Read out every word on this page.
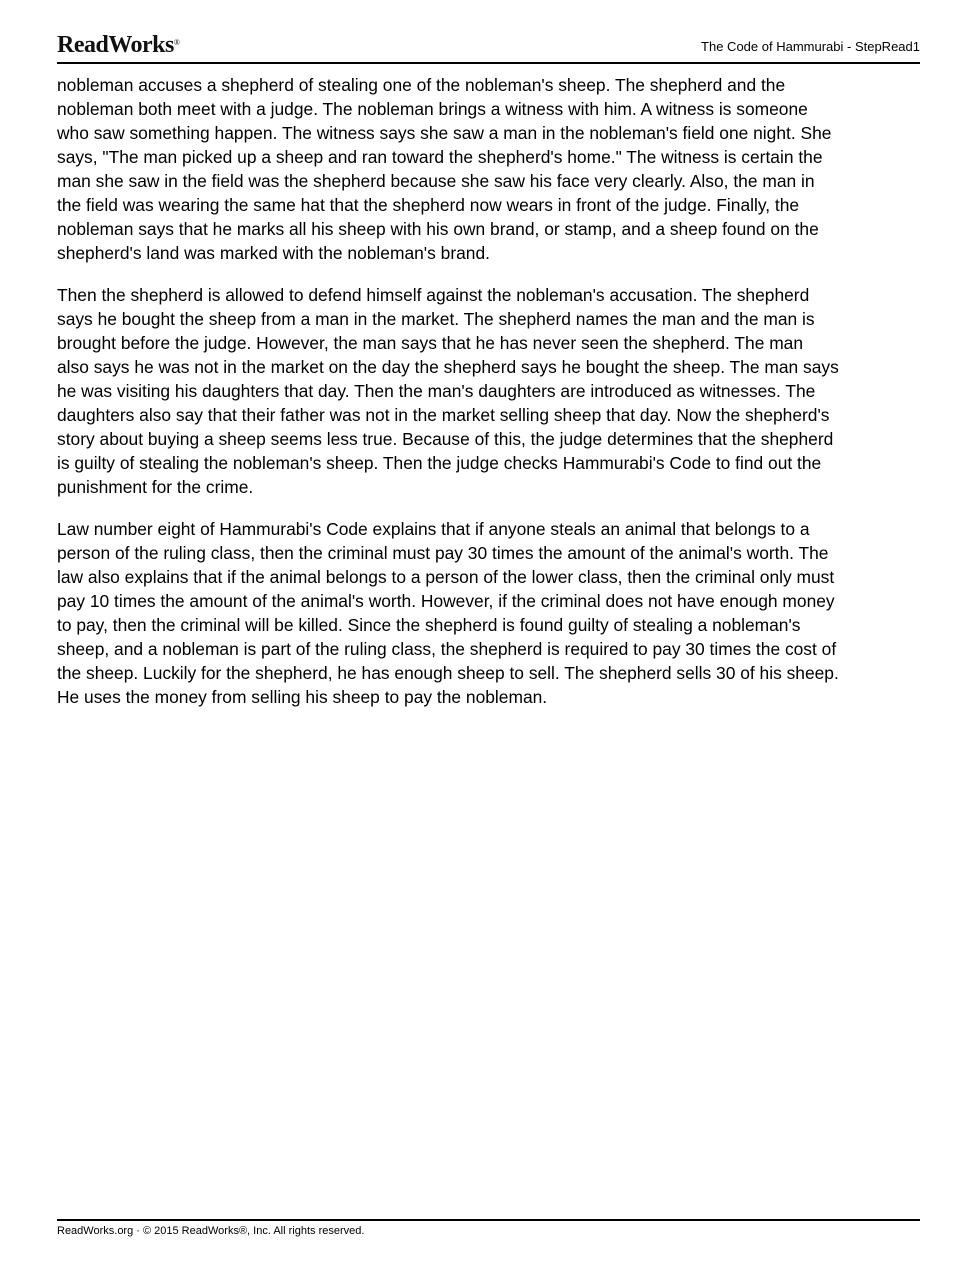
ReadWorks®	The Code of Hammurabi - StepRead1

nobleman accuses a shepherd of stealing one of the nobleman's sheep. The shepherd and the
nobleman both meet with a judge. The nobleman brings a witness with him. A witness is someone
who saw something happen. The witness says she saw a man in the nobleman's field one night. She
says, "The man picked up a sheep and ran toward the shepherd's home." The witness is certain the
man she saw in the field was the shepherd because she saw his face very clearly. Also, the man in
the field was wearing the same hat that the shepherd now wears in front of the judge. Finally, the
nobleman says that he marks all his sheep with his own brand, or stamp, and a sheep found on the
shepherd's land was marked with the nobleman's brand.

Then the shepherd is allowed to defend himself against the nobleman's accusation. The shepherd
says he bought the sheep from a man in the market. The shepherd names the man and the man is
brought before the judge. However, the man says that he has never seen the shepherd. The man
also says he was not in the market on the day the shepherd says he bought the sheep. The man says
he was visiting his daughters that day. Then the man's daughters are introduced as witnesses. The
daughters also say that their father was not in the market selling sheep that day. Now the shepherd's
story about buying a sheep seems less true. Because of this, the judge determines that the shepherd
is guilty of stealing the nobleman's sheep. Then the judge checks Hammurabi's Code to find out the
punishment for the crime.

Law number eight of Hammurabi's Code explains that if anyone steals an animal that belongs to a
person of the ruling class, then the criminal must pay 30 times the amount of the animal's worth. The
law also explains that if the animal belongs to a person of the lower class, then the criminal only must
pay 10 times the amount of the animal's worth. However, if the criminal does not have enough money
to pay, then the criminal will be killed. Since the shepherd is found guilty of stealing a nobleman's
sheep, and a nobleman is part of the ruling class, the shepherd is required to pay 30 times the cost of
the sheep. Luckily for the shepherd, he has enough sheep to sell. The shepherd sells 30 of his sheep.
He uses the money from selling his sheep to pay the nobleman.

ReadWorks.org · © 2015 ReadWorks®, Inc. All rights reserved.
